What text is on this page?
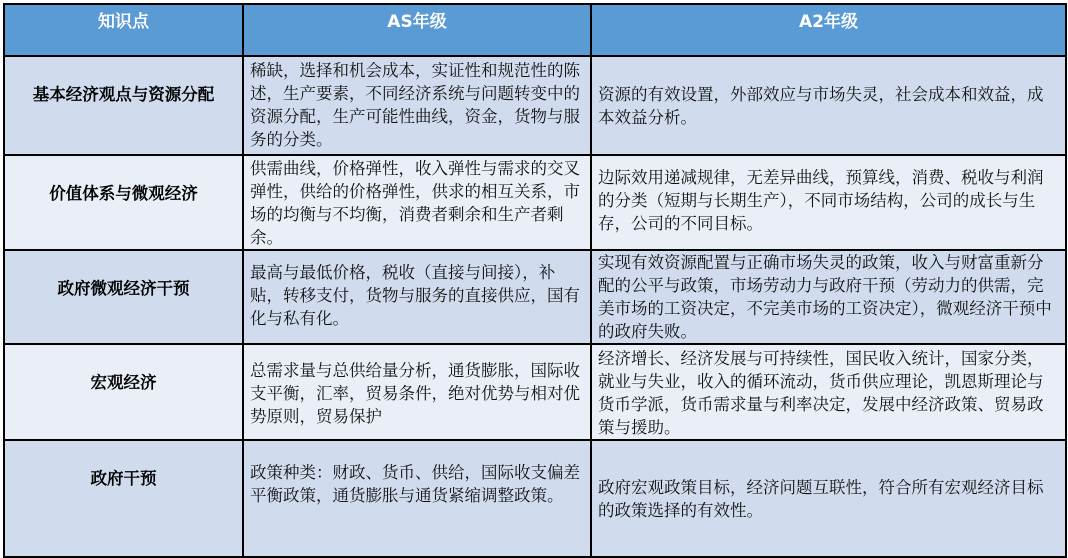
知识点	AS年级	A2年级
基本经济观点与资源分配	稀缺，选择和机会成本，实证性和规范性的陈述，生产要素，不同经济系统与问题转变中的资源分配，生产可能性曲线，资金，货物与服务的分类。	资源的有效设置，外部效应与市场失灵，社会成本和效益，成本效益分析。
价值体系与微观经济	供需曲线，价格弹性，收入弹性与需求的交叉弹性，供给的价格弹性，供求的相互关系，市场的均衡与不均衡，消费者剩余和生产者剩余。	边际效用递减规律，无差异曲线，预算线，消费、税收与利润的分类（短期与长期生产），不同市场结构，公司的成长与生存，公司的不同目标。
政府微观经济干预	最高与最低价格，税收（直接与间接），补贴，转移支付，货物与服务的直接供应，国有化与私有化。	实现有效资源配置与正确市场失灵的政策，收入与财富重新分配的公平与政策，市场劳动力与政府干预（劳动力的供需，完美市场的工资决定，不完美市场的工资决定），微观经济干预中的政府失败。
宏观经济	总需求量与总供给量分析，通货膨胀，国际收支平衡，汇率，贸易条件，绝对优势与相对优势原则，贸易保护	经济增长、经济发展与可持续性，国民收入统计，国家分类，就业与失业，收入的循环流动，货币供应理论，凯恩斯理论与货币学派，货币需求量与利率决定，发展中经济政策、贸易政策与援助。
政府干预	政策种类：财政、货币、供给，国际收支偏差平衡政策，通货膨胀与通货紧缩调整政策。	政府宏观政策目标，经济问题互联性，符合所有宏观经济目标的政策选择的有效性。
